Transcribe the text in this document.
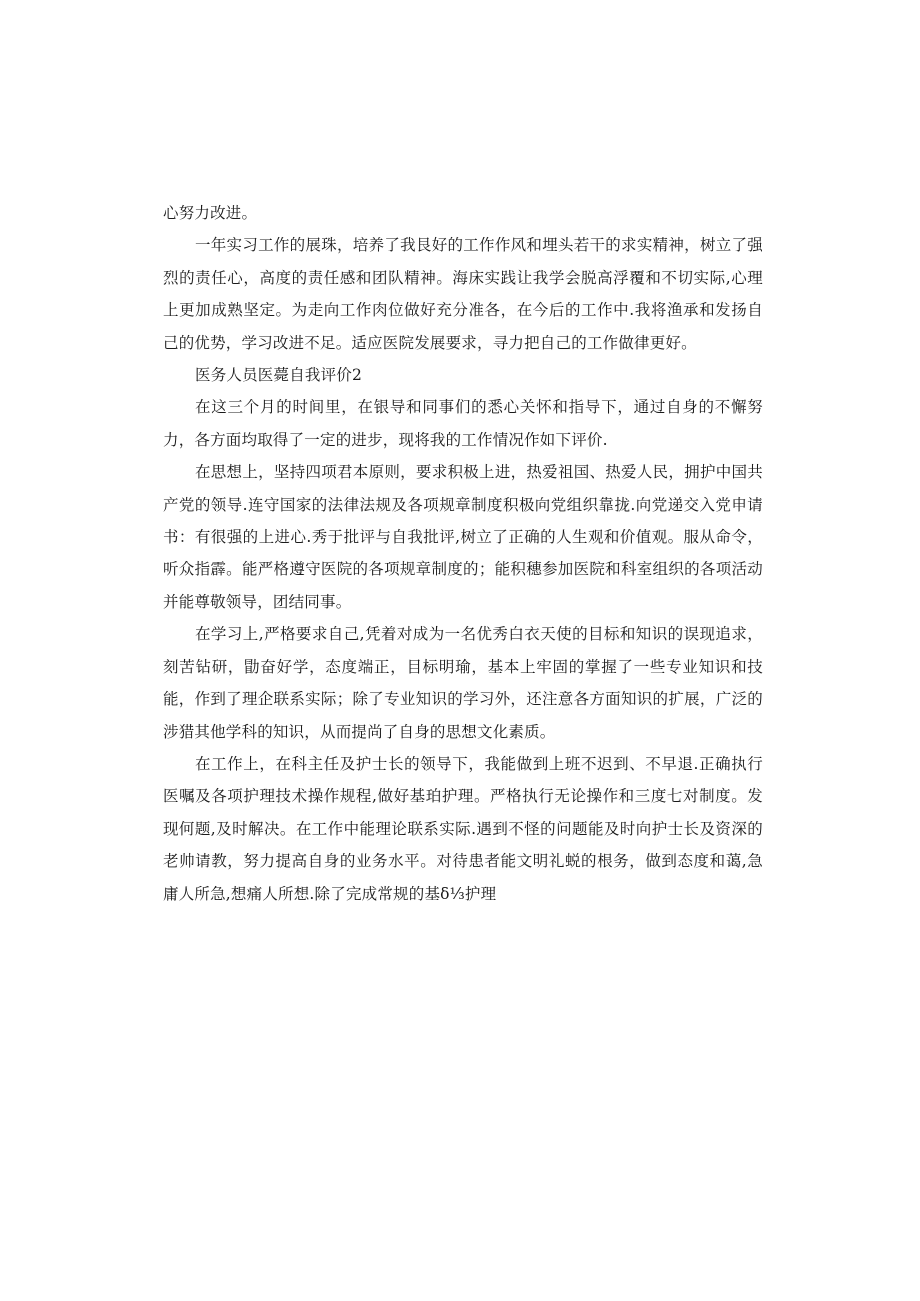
心努力改进。

一年实习工作的展珠，培养了我艮好的工作作风和埋头若干的求实精神，树立了强烈的责任心，高度的责任感和团队精神。海床实践让我学会脱高浮覆和不切实际,心理上更加成熟坚定。为走向工作肉位做好充分准各，在今后的工作中.我将渔承和发扬自己的优势，学习改进不足。适应医院发展要求，寻力把自己的工作做律更好。

医务人员医薨自我评价2

在这三个月的时间里，在银导和同事们的悉心关怀和指导下，通过自身的不懈努力，各方面均取得了一定的进步，现将我的工作情况作如下评价.

在思想上，坚持四项君本原则，要求积极上进，热爱祖国、热爱人民，拥护中国共产党的领导.连守国家的法律法规及各项规章制度积极向党组织靠拢.向党递交入党申请书：有很强的上进心.秀于批评与自我批评,树立了正确的人生观和价值观。服从命令，听众指霹。能严格遵守医院的各项规章制度的；能积穗参加医院和科室组织的各项活动并能尊敬领导，团结同事。

在学习上,严格要求自己,凭着对成为一名优秀白衣天使的目标和知识的误现追求，刻苦钻研，勖奋好学，态度端正，目标明瑜，基本上牢固的掌握了一些专业知识和技能，作到了理企联系实际；除了专业知识的学习外，还注意各方面知识的扩展，广泛的涉猎其他学科的知识，从而提尚了自身的思想文化素质。

在工作上，在科主任及护士长的领导下，我能做到上班不迟到、不早退.正确执行医嘱及各项护理技术操作规程,做好基珀护理。严格执行无论操作和三度七对制度。发现何题,及时解决。在工作中能理论联系实际.遇到不怪的问题能及时向护士长及资深的老帅请教，努力提高自身的业务水平。对待患者能文明礼蜕的根务，做到态度和蔼,急庸人所急,想痛人所想.除了完成常规的基δ⅓护理
